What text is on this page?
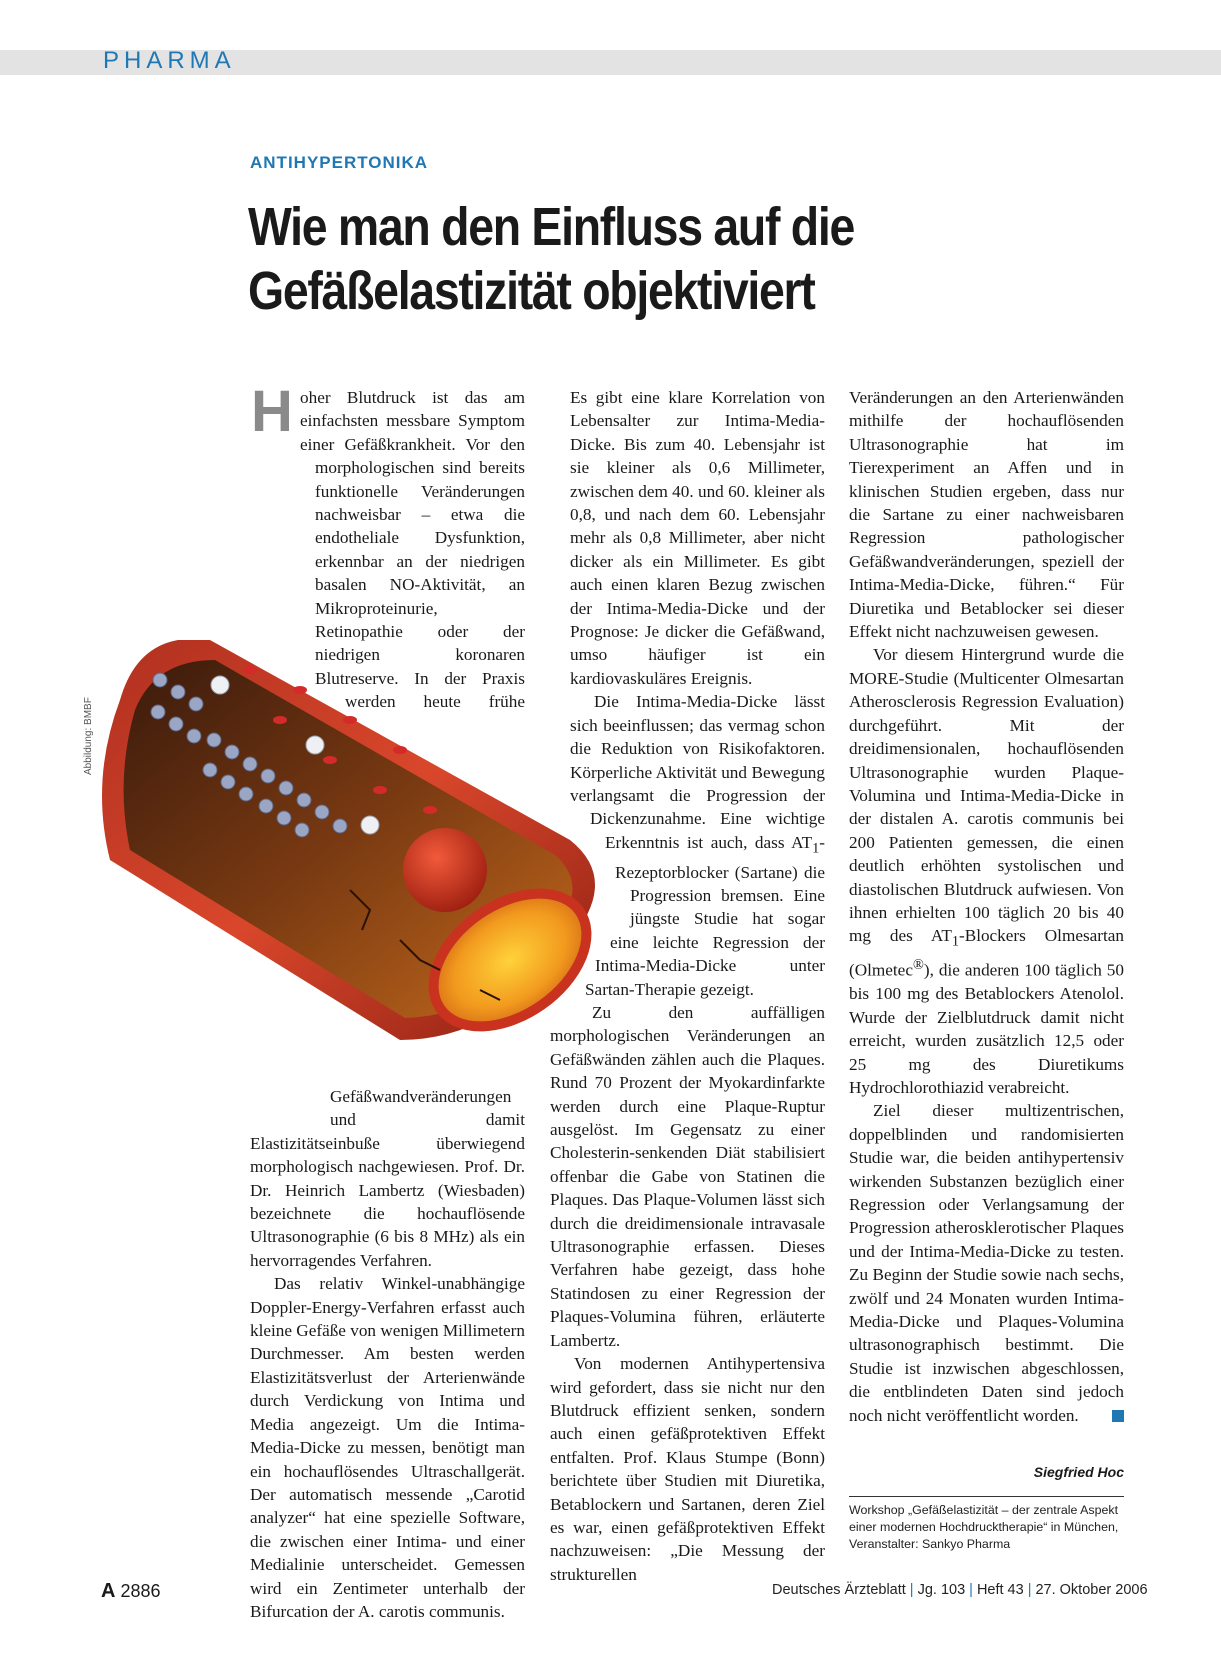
PHARMA
ANTIHYPERTONIKA
Wie man den Einfluss auf die
Gefäßelastizität objektiviert
Abbildung: BMBF
H oher Blutdruck ist das am einfachsten messbare Symptom einer Gefäßkrankheit. Vor den morphologischen sind bereits funktionelle Veränderungen nachweisbar – etwa die endotheliale Dysfunktion, erkennbar an der niedrigen basalen NO-Aktivität, an Mikroproteinurie, Retinopathie oder der niedrigen koronaren Blutreserve. In der Praxis werden heute frühe Gefäßwandveränderungen und damit Elastizitätseinbuße überwiegend morphologisch nachgewiesen. Prof. Dr. Dr. Heinrich Lambertz (Wiesbaden) bezeichnete die hochauflösende Ultrasonographie (6 bis 8 MHz) als ein hervorragendes Verfahren.

Das relativ Winkel-unabhängige Doppler-Energy-Verfahren erfasst auch kleine Gefäße von wenigen Millimetern Durchmesser. Am besten werden Elastizitätsverlust der Arterienwände durch Verdickung von Intima und Media angezeigt. Um die Intima-Media-Dicke zu messen, benötigt man ein hochauflösendes Ultraschallgerät. Der automatisch messende „Carotid analyzer“ hat eine spezielle Software, die zwischen einer Intima- und einer Medialinie unterscheidet. Gemessen wird ein Zentimeter unterhalb der Bifurcation der A. carotis communis.

Es gibt eine klare Korrelation von Lebensalter zur Intima-Media-Dicke. Bis zum 40. Lebensjahr ist sie kleiner als 0,6 Millimeter, zwischen dem 40. und 60. kleiner als 0,8, und nach dem 60. Lebensjahr mehr als 0,8 Millimeter, aber nicht dicker als ein Millimeter. Es gibt auch einen klaren Bezug zwischen der Intima-Media-Dicke und der Prognose: Je dicker die Gefäßwand, umso häufiger ist ein kardiovaskuläres Ereignis.

Die Intima-Media-Dicke lässt sich beeinflussen; das vermag schon die Reduktion von Risikofaktoren. Körperliche Aktivität und Bewegung verlangsamt die Progression der Dickenzunahme. Eine wichtige Erkenntnis ist auch, dass $AT_1$-Rezeptorblocker (Sartane) die Progression bremsen. Eine jüngste Studie hat sogar eine leichte Regression der Intima-Media-Dicke unter Sartan-Therapie gezeigt.

Zu den auffälligen morphologischen Veränderungen an Gefäßwänden zählen auch die Plaques. Rund 70 Prozent der Myokardinfarkte werden durch eine Plaque-Ruptur ausgelöst. Im Gegensatz zu einer Cholesterin-senkenden Diät stabilisiert offenbar die Gabe von Statinen die Plaques. Das Plaque-Volumen lässt sich durch die dreidimensionale intravasale Ultrasonographie erfassen. Dieses Verfahren habe gezeigt, dass hohe Statindosen zu einer Regression der Plaques-Volumina führen, erläuterte Lambertz.

Von modernen Antihypertensiva wird gefordert, dass sie nicht nur den Blutdruck effizient senken, sondern auch einen gefäßprotektiven Effekt entfalten. Prof. Klaus Stumpe (Bonn) berichtete über Studien mit Diuretika, Betablockern und Sartanen, deren Ziel es war, einen gefäßprotektiven Effekt nachzuweisen: „Die Messung der strukturellen

Veränderungen an den Arterienwänden mithilfe der hochauflösenden Ultrasonographie hat im Tierexperiment an Affen und in klinischen Studien ergeben, dass nur die Sartane zu einer nachweisbaren Regression pathologischer Gefäßwandveränderungen, speziell der Intima-Media-Dicke, führen.“ Für Diuretika und Betablocker sei dieser Effekt nicht nachzuweisen gewesen.

Vor diesem Hintergrund wurde die MORE-Studie (Multicenter Olmesartan Atherosclerosis Regression Evaluation) durchgeführt. Mit der dreidimensionalen, hochauflösenden Ultrasonographie wurden Plaque-Volumina und Intima-Media-Dicke in der distalen A. carotis communis bei 200 Patienten gemessen, die einen deutlich erhöhten systolischen und diastolischen Blutdruck aufwiesen. Von ihnen erhielten 100 täglich 20 bis 40 mg des $AT_1$-Blockers Olmesartan (Olmetec®), die anderen 100 täglich 50 bis 100 mg des Betablockers Atenolol. Wurde der Zielblutdruck damit nicht erreicht, wurden zusätzlich 12,5 oder 25 mg des Diuretikums Hydrochlorothiazid verabreicht.

Ziel dieser multizentrischen, doppelblinden und randomisierten Studie war, die beiden antihypertensiv wirkenden Substanzen bezüglich einer Regression oder Verlangsamung der Progression atherosklerotischer Plaques und der Intima-Media-Dicke zu testen. Zu Beginn der Studie sowie nach sechs, zwölf und 24 Monaten wurden Intima-Media-Dicke und Plaques-Volumina ultrasonographisch bestimmt. Die Studie ist inzwischen abgeschlossen, die entblindeten Daten sind jedoch noch nicht veröffentlicht worden.

Siegfried Hoc
Workshop „Gefäßelastizität – der zentrale Aspekt einer modernen Hochdrucktherapie“ in München, Veranstalter: Sankyo Pharma
A 2886	Deutsches Ärzteblatt | Jg. 103 | Heft 43 | 27. Oktober 2006
